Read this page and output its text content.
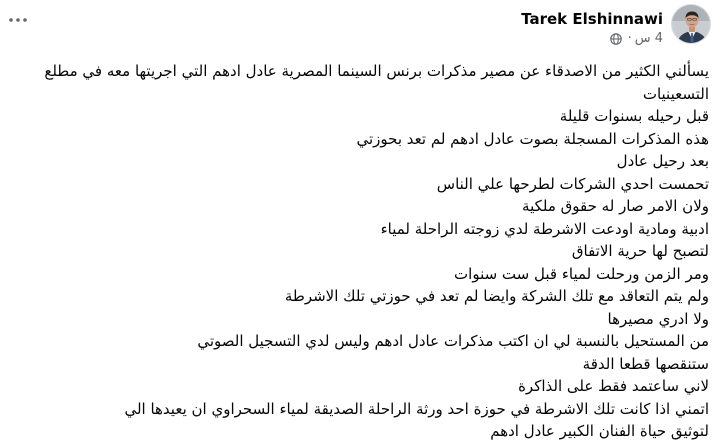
Tarek Elshinnawi
· 4 س
يسألني الكثير من الاصدقاء عن مصير مذكرات برنس السينما المصرية عادل ادهم التي اجريتها معه في مطلع التسعينيات
قبل رحيله بسنوات قليلة
هذه المذكرات المسجلة بصوت عادل ادهم لم تعد بحوزتي
بعد رحيل عادل
تحمست احدي الشركات لطرحها علي الناس
ولان الامر صار له حقوق ملكية
ادبية ومادية اودعت الاشرطة لدي زوجته الراحلة لمياء
لتصبح لها حرية الاتفاق
ومر الزمن ورحلت لمياء قبل ست سنوات
ولم يتم التعاقد مع تلك الشركة وايضا لم تعد في حوزتي تلك الاشرطة
ولا ادري مصيرها
من المستحيل بالنسبة لي ان اكتب مذكرات عادل ادهم وليس لدي التسجيل الصوتي
ستنقصها قطعا الدقة
لاني ساعتمد فقط على الذاكرة
اتمني اذا كانت تلك الاشرطة في حوزة احد ورثة الراحلة الصديقة لمياء السحراوي ان يعيدها الي
لتوثيق حياة الفنان الكبير عادل ادهم
